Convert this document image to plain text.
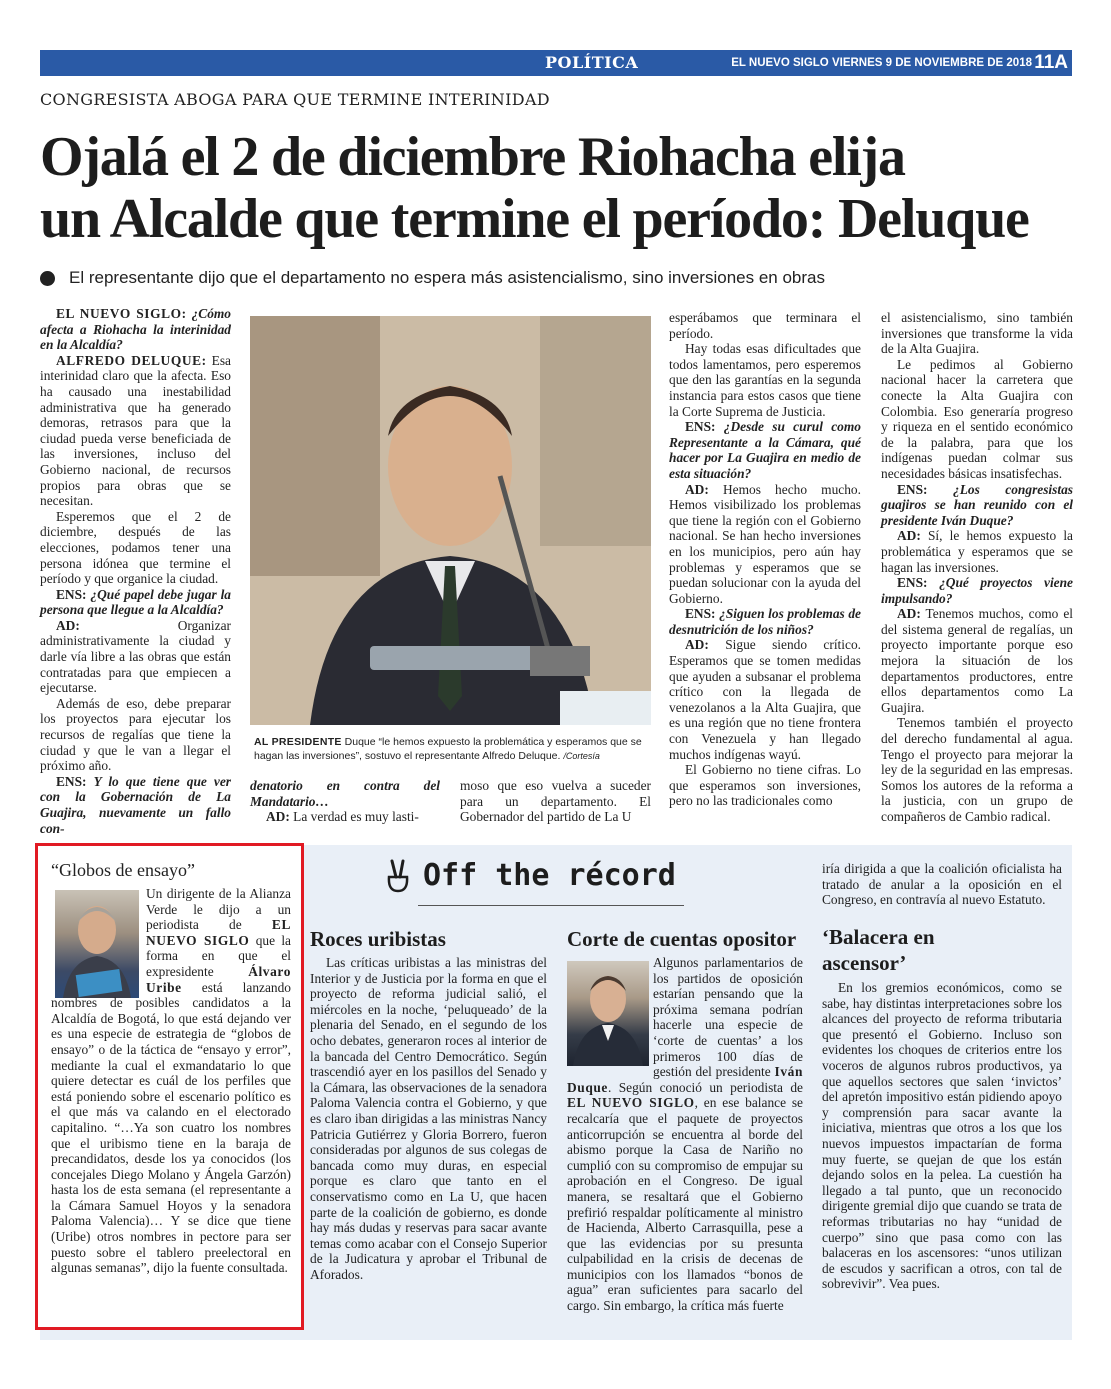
POLÍTICA	EL NUEVO SIGLO VIERNES 9 DE NOVIEMBRE DE 2018 11A
CONGRESISTA ABOGA PARA QUE TERMINE INTERINIDAD
Ojalá el 2 de diciembre Riohacha elija
un Alcalde que termine el período: Deluque
El representante dijo que el departamento no espera más asistencialismo, sino inversiones en obras

EL NUEVO SIGLO: ¿Cómo afecta a Riohacha la interinidad en la Alcaldía?

ALFREDO DELUQUE: Esa interinidad claro que la afecta. Eso ha causado una inestabilidad administrativa que ha generado demoras, retrasos para que la ciudad pueda verse beneficiada de las inversiones, incluso del Gobierno nacional, de recursos propios para obras que se necesitan.

Esperemos que el 2 de diciembre, después de las elecciones, podamos tener una persona idónea que termine el período y que organice la ciudad.

ENS: ¿Qué papel debe jugar la persona que llegue a la Alcaldía?

AD:	Organizar administrativamente la ciudad y darle vía libre a las obras que están contratadas para que empiecen a ejecutarse.

Además de eso, debe preparar los proyectos para ejecutar los recursos de regalías que tiene la ciudad y que le van a llegar el próximo año.

ENS: Y lo que tiene que ver con la Gobernación de La Guajira, nuevamente un fallo con-

AL PRESIDENTE Duque “le hemos expuesto la problemática y esperamos que se hagan las inversiones”, sostuvo el representante Alfredo Deluque. /Cortesía

denatorio en contra del Mandatario…

AD: La verdad es muy lasti-

moso que eso vuelva a suceder para un departamento. El Gobernador del partido de La U

esperábamos que terminara el período.

Hay todas esas dificultades que todos lamentamos, pero esperemos que den las garantías en la segunda instancia para estos casos que tiene la Corte Suprema de Justicia.

ENS: ¿Desde su curul como Representante a la Cámara, qué hacer por La Guajira en medio de esta situación?

AD: Hemos hecho mucho. Hemos visibilizado los problemas que tiene la región con el Gobierno nacional. Se han hecho inversiones en los municipios, pero aún hay problemas y esperamos que se puedan solucionar con la ayuda del Gobierno.

ENS: ¿Siguen los problemas de desnutrición de los niños?

AD: Sigue siendo crítico. Esperamos que se tomen medidas que ayuden a subsanar el problema crítico con la llegada de venezolanos a la Alta Guajira, que es una región que no tiene frontera con Venezuela y han llegado muchos indígenas wayú.

El Gobierno no tiene cifras. Lo que esperamos son inversiones, pero no las tradicionales como

el asistencialismo, sino también inversiones que transforme la vida de la Alta Guajira.

Le pedimos al Gobierno nacional hacer la carretera que conecte la Alta Guajira con Colombia. Eso generaría progreso y riqueza en el sentido económico de la palabra, para que los indígenas puedan colmar sus necesidades básicas insatisfechas.

ENS: ¿Los congresistas guajiros se han reunido con el presidente Iván Duque?

AD: Sí, le hemos expuesto la problemática y esperamos que se hagan las inversiones.

ENS: ¿Qué proyectos viene impulsando?

AD: Tenemos muchos, como el del sistema general de regalías, un proyecto importante porque eso mejora la situación de los departamentos productores, entre ellos departamentos como La Guajira.

Tenemos también el proyecto del derecho fundamental al agua. Tengo el proyecto para mejorar la ley de la seguridad en las empresas. Somos los autores de la reforma a la justicia, con un grupo de compañeros de Cambio radical.

“Globos de ensayo”

Un dirigente de la Alianza Verde le dijo a un periodista de EL NUEVO SIGLO que la forma en que el expresidente	Álvaro Uribe está lanzando nombres de posibles candidatos a la Alcaldía de Bogotá, lo que está dejando ver es una especie de estrategia de “globos de ensayo” o de la táctica de “ensayo y error”, mediante la cual el exmandatario lo que quiere detectar es cuál de los perfiles que está poniendo sobre el escenario político es el que más va calando en el electorado capitalino. “…Ya son cuatro los nombres que el uribismo tiene en la baraja de precandidatos, desde los ya conocidos (los concejales Diego Molano y Ángela Garzón) hasta los de esta semana (el representante a la Cámara Samuel Hoyos y la senadora Paloma Valencia)… Y se dice que tiene (Uribe) otros nombres in pectore para ser puesto sobre el tablero preelectoral en algunas semanas”, dijo la fuente consultada.

Off the récord
Roces uribistas

Las críticas uribistas a las ministras del Interior y de Justicia por la forma en que el proyecto de reforma judicial salió, el miércoles en la noche, ‘peluqueado’ de la plenaria del Senado, en el segundo de los ocho debates, generaron roces al interior de la bancada del Centro Democrático. Según trascendió ayer en los pasillos del Senado y la Cámara, las observaciones de la senadora Paloma Valencia contra el Gobierno, y que es claro iban dirigidas a las ministras Nancy Patricia Gutiérrez y Gloria Borrero, fueron consideradas por algunos de sus colegas de bancada como muy duras, en especial porque es claro que tanto en el conservatismo como en La U, que hacen parte de la coalición de gobierno, es donde hay más dudas y reservas para sacar avante temas como acabar con el Consejo Superior de la Judicatura y aprobar el Tribunal de Aforados.

Corte de cuentas opositor

Algunos parlamentarios de los partidos de oposición estarían pensando que la próxima semana podrían hacerle una especie de ‘corte de cuentas’ a los primeros 100 días de gestión del presidente Iván Duque. Según conoció un periodista de EL NUEVO SIGLO, en ese balance se recalcaría que el paquete de proyectos anticorrupción se encuentra al borde del abismo porque la Casa de Nariño no cumplió con su compromiso de empujar su aprobación en el Congreso. De igual manera, se resaltará que el Gobierno prefirió respaldar políticamente al ministro de Hacienda, Alberto Carrasquilla, pese a que las evidencias por su presunta culpabilidad en la crisis de decenas de municipios con los llamados “bonos de agua” eran suficientes para sacarlo del cargo. Sin embargo, la crítica más fuerte

iría dirigida a que la coalición oficialista ha tratado de anular a la oposición en el Congreso, en contravía al nuevo Estatuto.

‘Balacera en ascensor’

En los gremios económicos, como se sabe, hay distintas interpretaciones sobre los alcances del proyecto de reforma tributaria que presentó el Gobierno. Incluso son evidentes los choques de criterios entre los voceros de algunos rubros productivos, ya que aquellos sectores que salen ‘invictos’ del apretón impositivo están pidiendo apoyo y comprensión para sacar avante la iniciativa, mientras que otros a los que los nuevos impuestos impactarían de forma muy fuerte, se quejan de que los están dejando solos en la pelea. La cuestión ha llegado a tal punto, que un reconocido dirigente gremial dijo que cuando se trata de reformas tributarias no hay “unidad de cuerpo” sino que pasa como con las balaceras en los ascensores: “unos utilizan de escudos y sacrifican a otros, con tal de sobrevivir”. Vea pues.
